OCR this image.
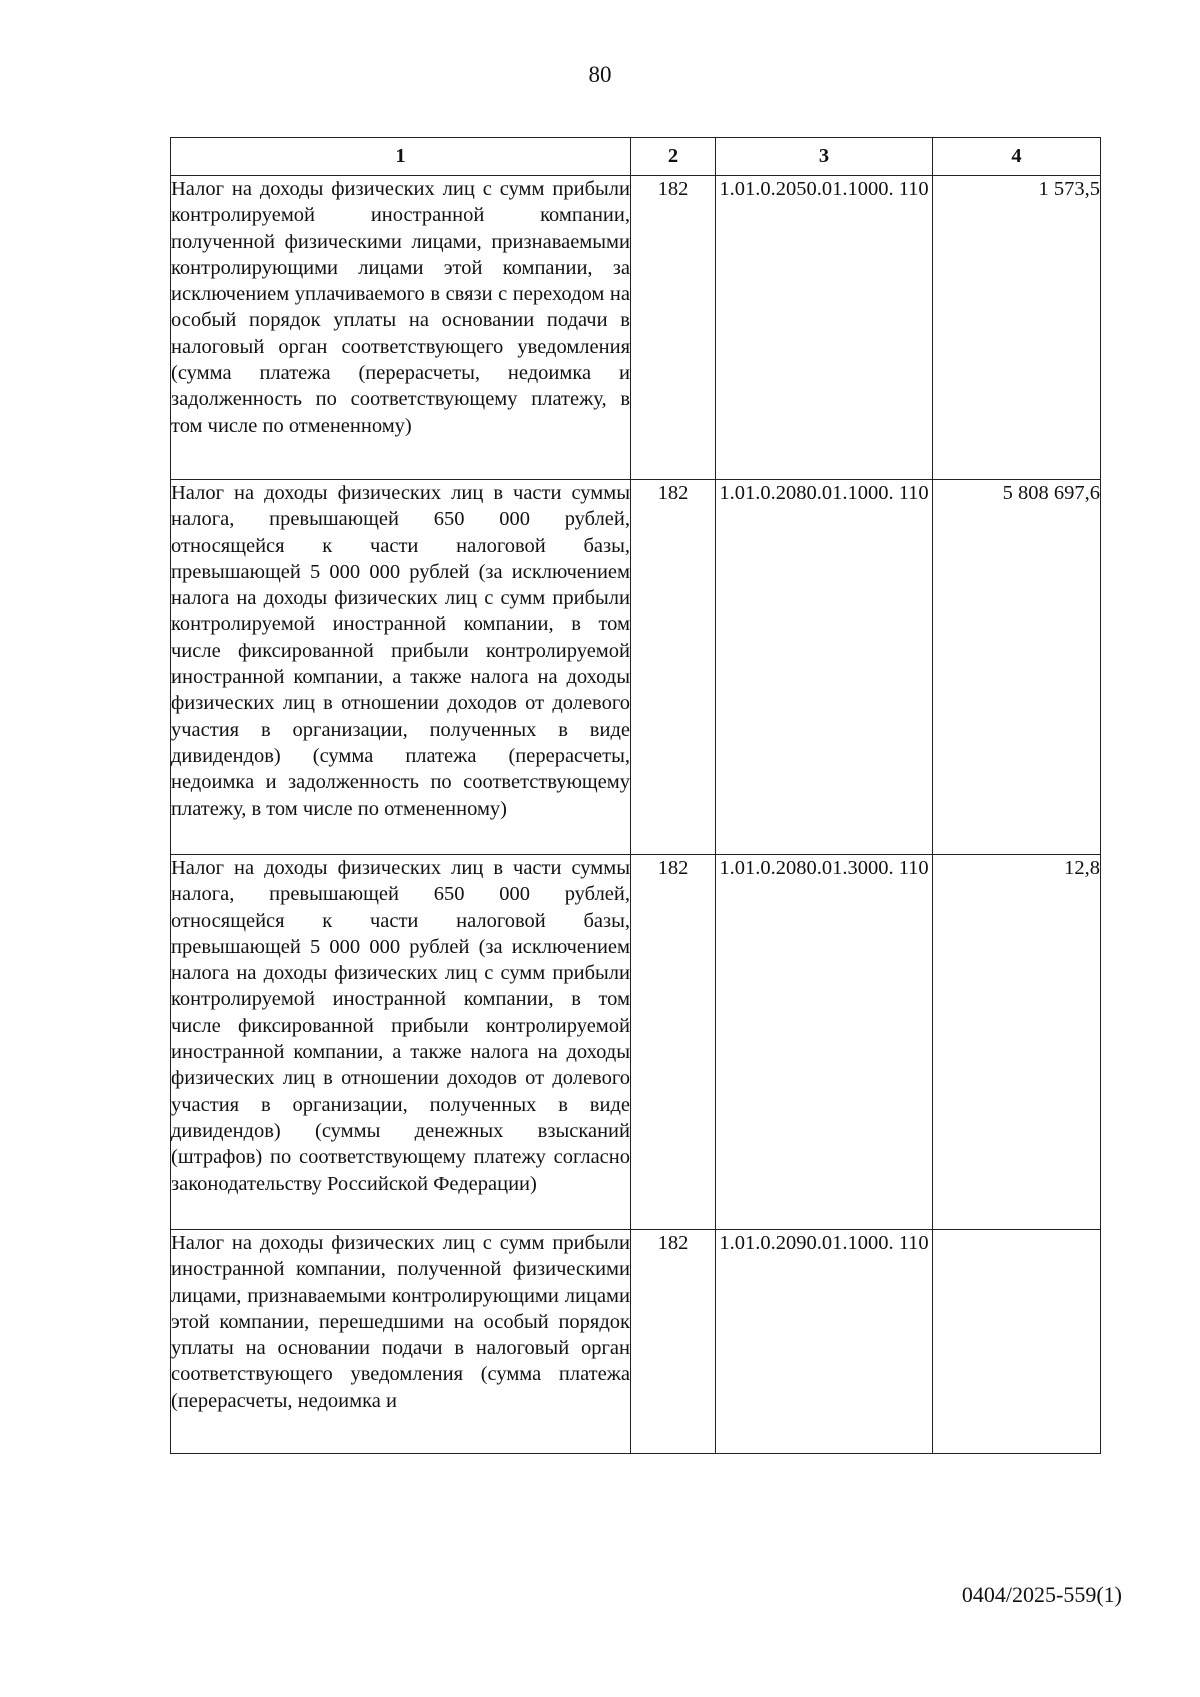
80
1	2	3	4

Налог на доходы физических лиц с сумм прибыли контролируемой иностранной компании, полученной физическими лицами, признаваемыми контролирующими лицами этой компании, за исключением уплачиваемого в связи с переходом на особый порядок уплаты на основании подачи в налоговый орган соответствующего уведомления (сумма платежа (перерасчеты, недоимка и задолженность по соответствующему платежу, в том числе по отмененному)	182	1.01.0.2050.01.1000. 110	1 573,5

Налог на доходы физических лиц в части суммы налога, превышающей 650 000 рублей, относящейся к части налоговой базы, превышающей 5 000 000 рублей (за исключением налога на доходы физических лиц с сумм прибыли контролируемой иностранной компании, в том числе фиксированной прибыли контролируемой иностранной компании, а также налога на доходы физических лиц в отношении доходов от долевого участия в организации, полученных в виде дивидендов) (сумма платежа (перерасчеты, недоимка и задолженность по соответствующему платежу, в том числе по отмененному)	182	1.01.0.2080.01.1000. 110	5 808 697,6

Налог на доходы физических лиц в части суммы налога, превышающей 650 000 рублей, относящейся к части налоговой базы, превышающей 5 000 000 рублей (за исключением налога на доходы физических лиц с сумм прибыли контролируемой иностранной компании, в том числе фиксированной прибыли контролируемой иностранной компании, а также налога на доходы физических лиц в отношении доходов от долевого участия в организации, полученных в виде дивидендов) (суммы денежных взысканий (штрафов) по соответствующему платежу согласно законодательству Российской Федерации)	182	1.01.0.2080.01.3000. 110	12,8

Налог на доходы физических лиц с сумм прибыли иностранной компании, полученной физическими лицами, признаваемыми контролирующими лицами этой компании, перешедшими на особый порядок уплаты на основании подачи в налоговый орган соответствующего уведомления (сумма платежа (перерасчеты, недоимка и	182	1.01.0.2090.01.1000. 110	

0404/2025-559(1)
